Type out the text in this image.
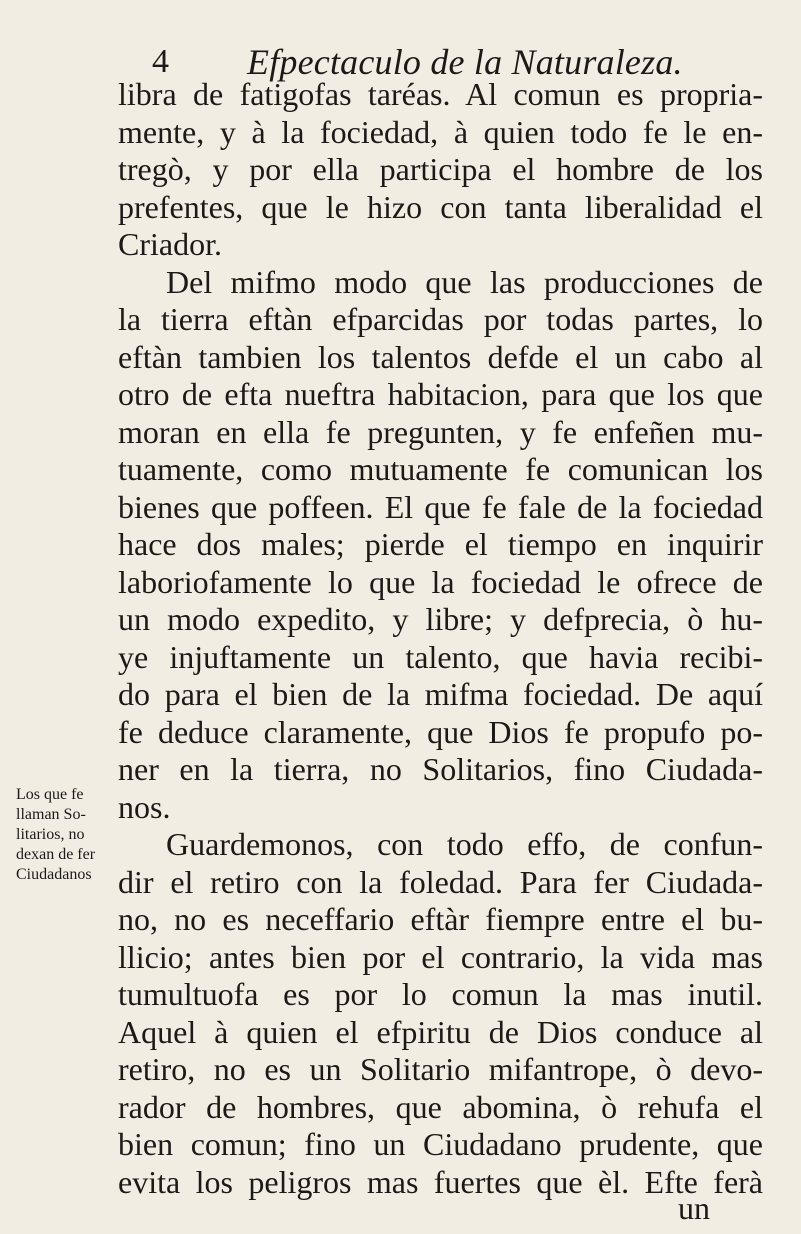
4 Efpectaculo de la Naturaleza.
libra de fatigofas taréas. Al comun es propria-
mente, y à la fociedad, à quien todo fe le en-
tregò, y por ella participa el hombre de los
prefentes, que le hizo con tanta liberalidad el
Criador.
Del mifmo modo que las producciones de
la tierra eftàn efparcidas por todas partes, lo
eftàn tambien los talentos defde el un cabo al
otro de efta nueftra habitacion, para que los que
moran en ella fe pregunten, y fe enfeñen mu-
tuamente, como mutuamente fe comunican los
bienes que poffeen. El que fe fale de la fociedad
hace dos males; pierde el tiempo en inquirir
laboriofamente lo que la fociedad le ofrece de
un modo expedito, y libre; y defprecia, ò hu-
ye injuftamente un talento, que havia recibi-
do para el bien de la mifma fociedad. De aquí
fe deduce claramente, que Dios fe propufo po-
ner en la tierra, no Solitarios, fino Ciudada-
nos.
Guardemonos, con todo effo, de confun-
dir el retiro con la foledad. Para fer Ciudada-
no, no es neceffario eftàr fiempre entre el bu-
llicio; antes bien por el contrario, la vida mas
tumultuofa es por lo comun la mas inutil.
Aquel à quien el efpiritu de Dios conduce al
retiro, no es un Solitario mifantrope, ò devo-
rador de hombres, que abomina, ò rehufa el
bien comun; fino un Ciudadano prudente, que
evita los peligros mas fuertes que èl. Efte ferà
Los que fe
llaman So-
litarios, no
dexan de fer
Ciudadanos
un
